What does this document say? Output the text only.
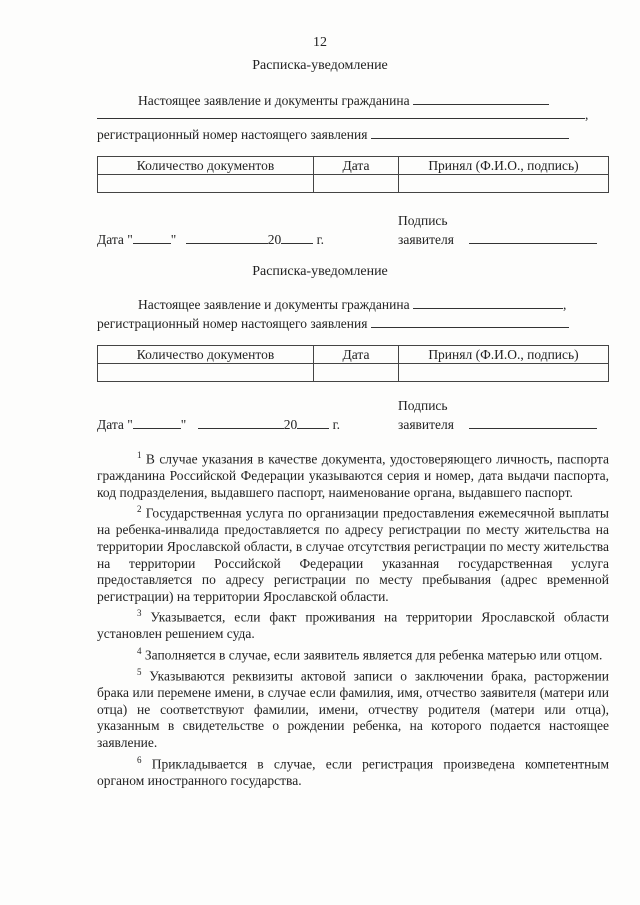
12
Расписка-уведомление
Настоящее заявление и документы гражданина
,
регистрационный номер настоящего заявления
Количество документов	Дата	Принял (Ф.И.О., подпись)

Подпись
Дата "	"	20	г.	заявителя
Расписка-уведомление
Настоящее заявление и документы гражданина	,
регистрационный номер настоящего заявления
Количество документов	Дата	Принял (Ф.И.О., подпись)

Подпись
Дата "	"	20	г.	заявителя

$^1$ В случае указания в качестве документа, удостоверяющего личность, паспорта гражданина Российской Федерации указываются серия и номер, дата выдачи паспорта, код подразделения, выдавшего паспорт, наименование органа, выдавшего паспорт.

$^2$ Государственная услуга по организации предоставления ежемесячной выплаты на ребенка-инвалида предоставляется по адресу регистрации по месту жительства на территории Ярославской области, в случае отсутствия регистрации по месту жительства на территории Российской Федерации указанная государственная услуга предоставляется по адресу регистрации по месту пребывания (адрес временной регистрации) на территории Ярославской области.

$^3$ Указывается, если факт проживания на территории Ярославской области установлен решением суда.

$^4$ Заполняется в случае, если заявитель является для ребенка матерью или отцом.

$^5$ Указываются реквизиты актовой записи о заключении брака, расторжении брака или перемене имени, в случае если фамилия, имя, отчество заявителя (матери или отца) не соответствуют фамилии, имени, отчеству родителя (матери или отца), указанным в свидетельстве о рождении ребенка, на которого подается настоящее заявление.

$^6$ Прикладывается в случае, если регистрация произведена компетентным органом иностранного государства.
